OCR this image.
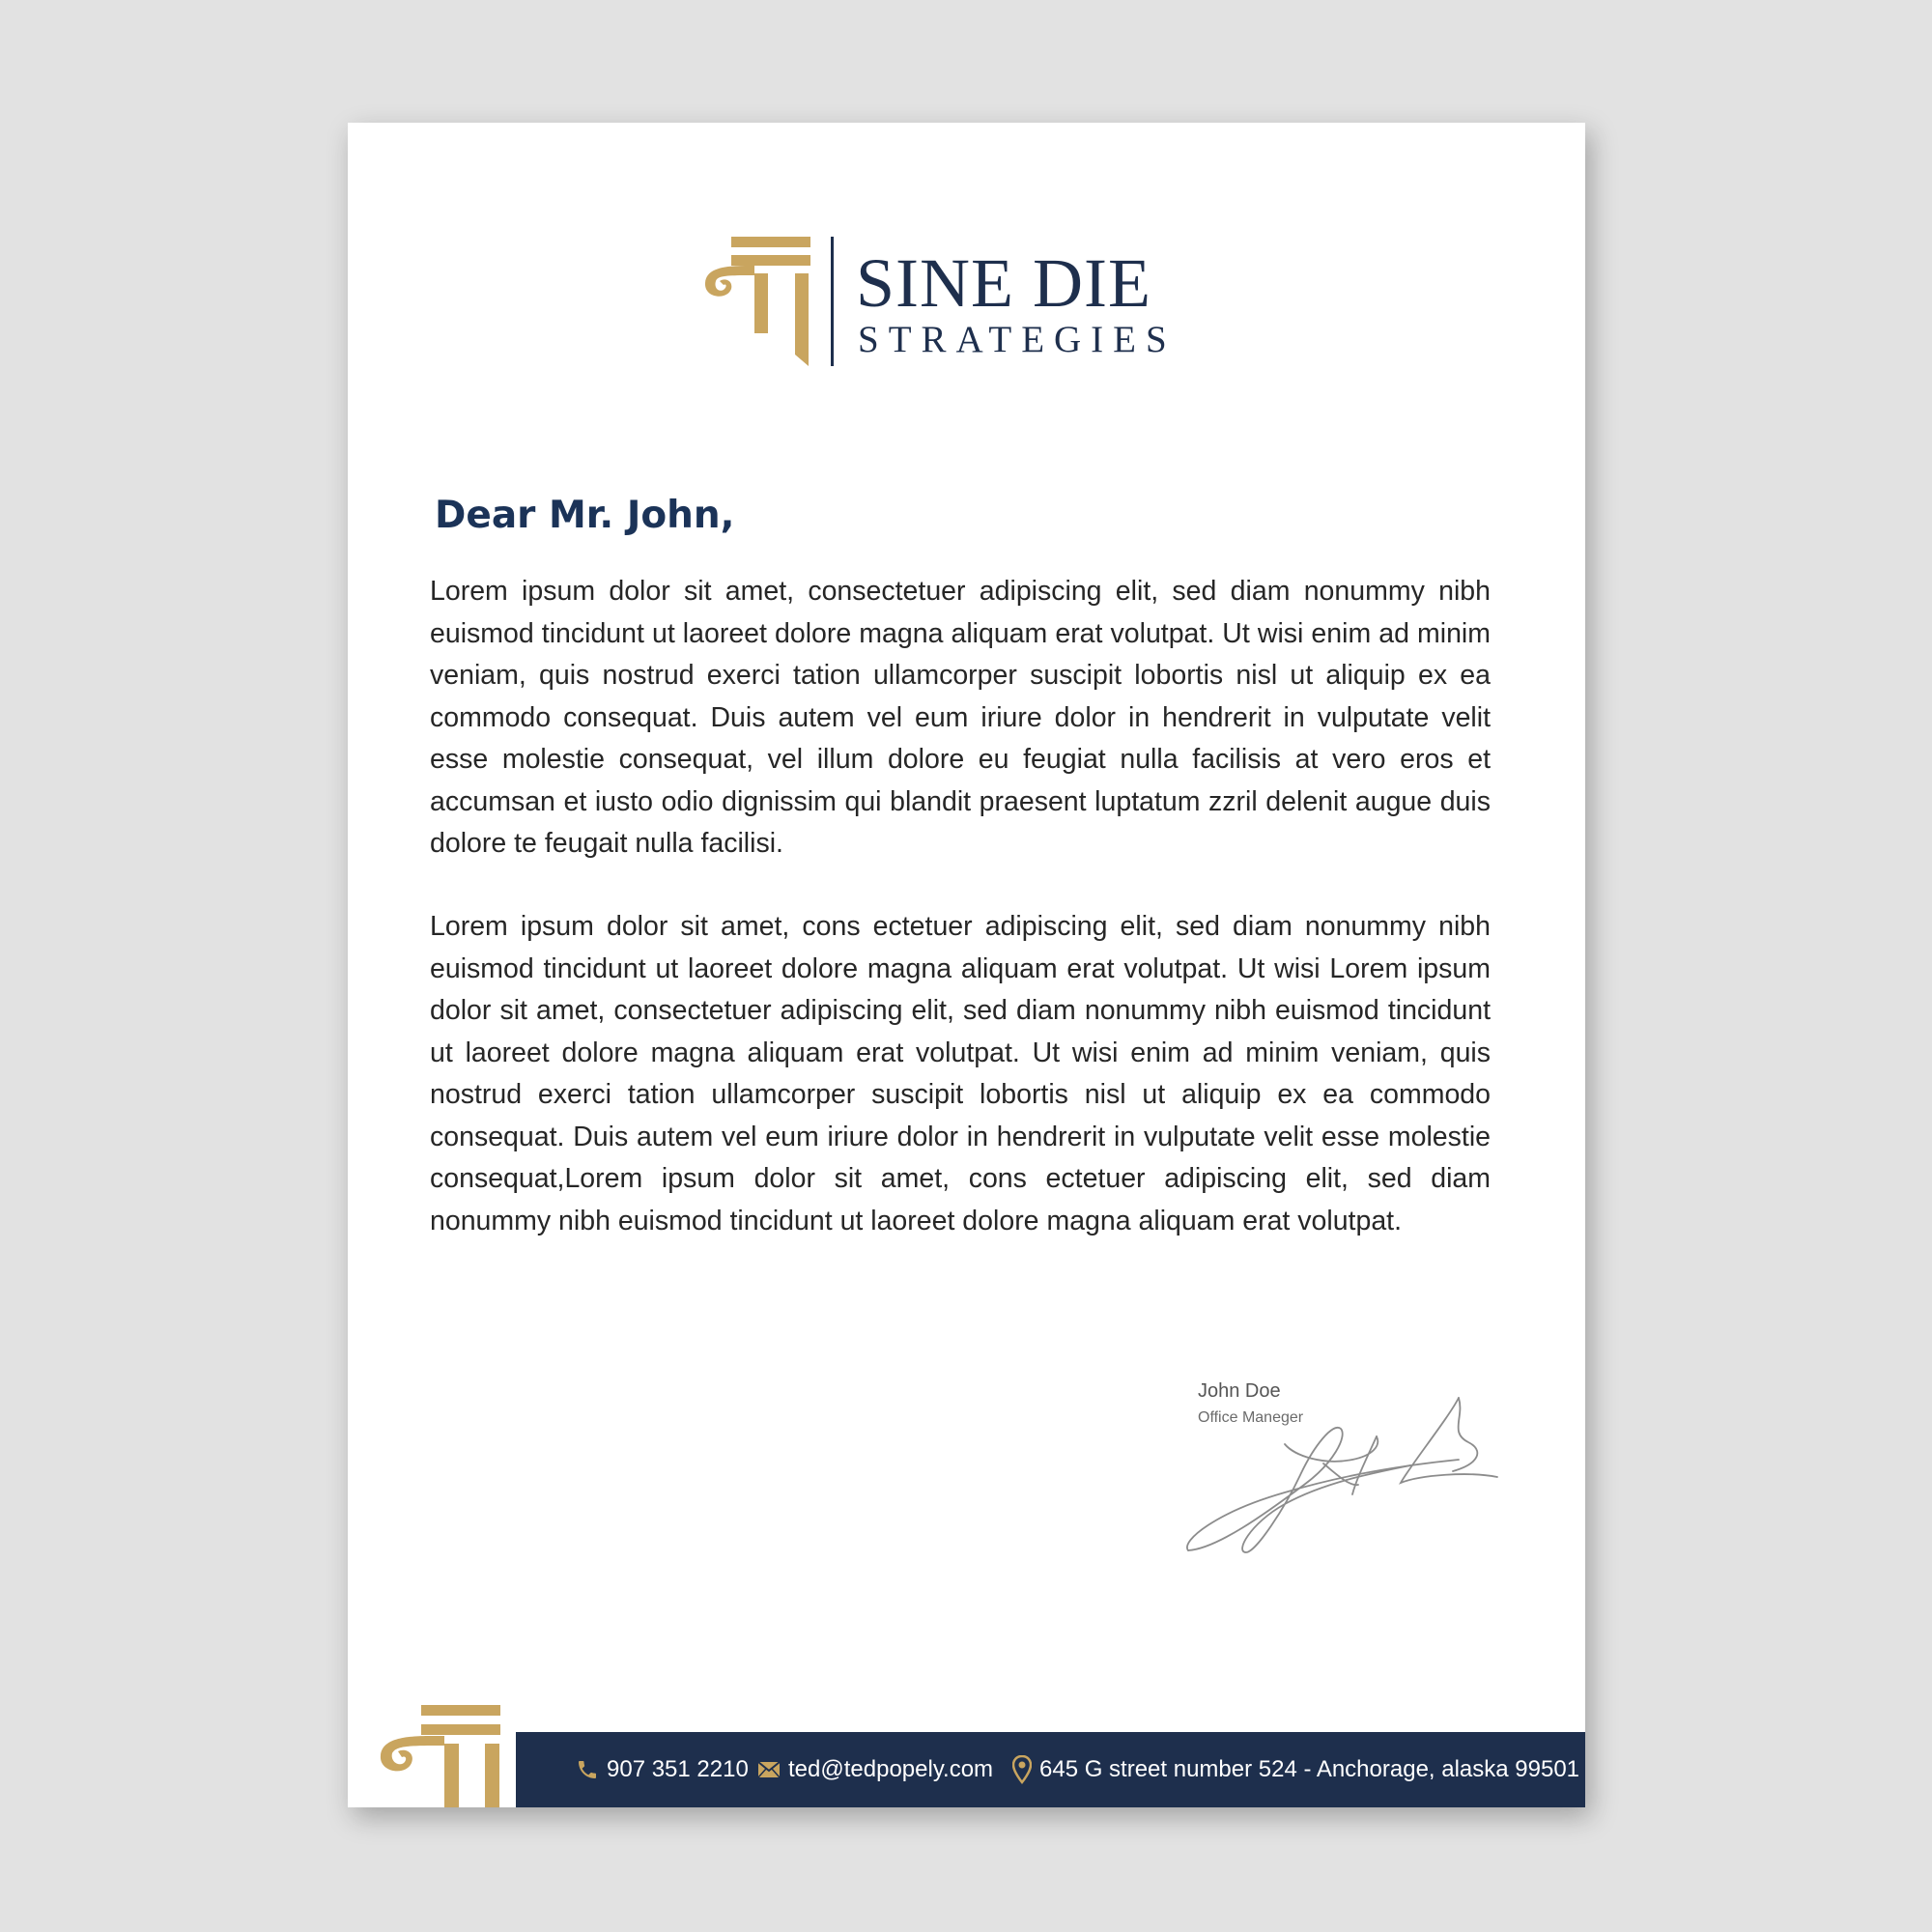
SINE DIE
STRATEGIES
Dear Mr. John,

Lorem ipsum dolor sit amet, consectetuer adipiscing elit, sed diam nonummy nibh euismod tincidunt ut laoreet dolore magna aliquam erat volutpat. Ut wisi enim ad minim veniam, quis nostrud exerci tation ullamcorper suscipit lobortis nisl ut aliquip ex ea commodo consequat. Duis autem vel eum iriure dolor in hendrerit in vulputate velit esse molestie consequat, vel illum dolore eu feugiat nulla facilisis at vero eros et accumsan et iusto odio dignissim qui blandit praesent luptatum zzril delenit augue duis dolore te feugait nulla facilisi.

Lorem ipsum dolor sit amet, cons ectetuer adipiscing elit, sed diam nonummy nibh euismod tincidunt ut laoreet dolore magna aliquam erat volutpat. Ut wisi Lorem ipsum dolor sit amet, consectetuer adipiscing elit, sed diam nonummy nibh euismod tincidunt ut laoreet dolore magna aliquam erat volutpat. Ut wisi enim ad minim veniam, quis nostrud exerci tation ullamcorper suscipit lobortis nisl ut aliquip ex ea commodo consequat. Duis autem vel eum iriure dolor in hendrerit in vulputate velit esse molestie consequat,Lorem ipsum dolor sit amet, cons ectetuer adipiscing elit, sed diam nonummy nibh euismod tincidunt ut laoreet dolore magna aliquam erat volutpat.

John Doe
Office Maneger
907 351 2210 ted@tedpopely.com 645 G street number 524 - Anchorage, alaska 99501
